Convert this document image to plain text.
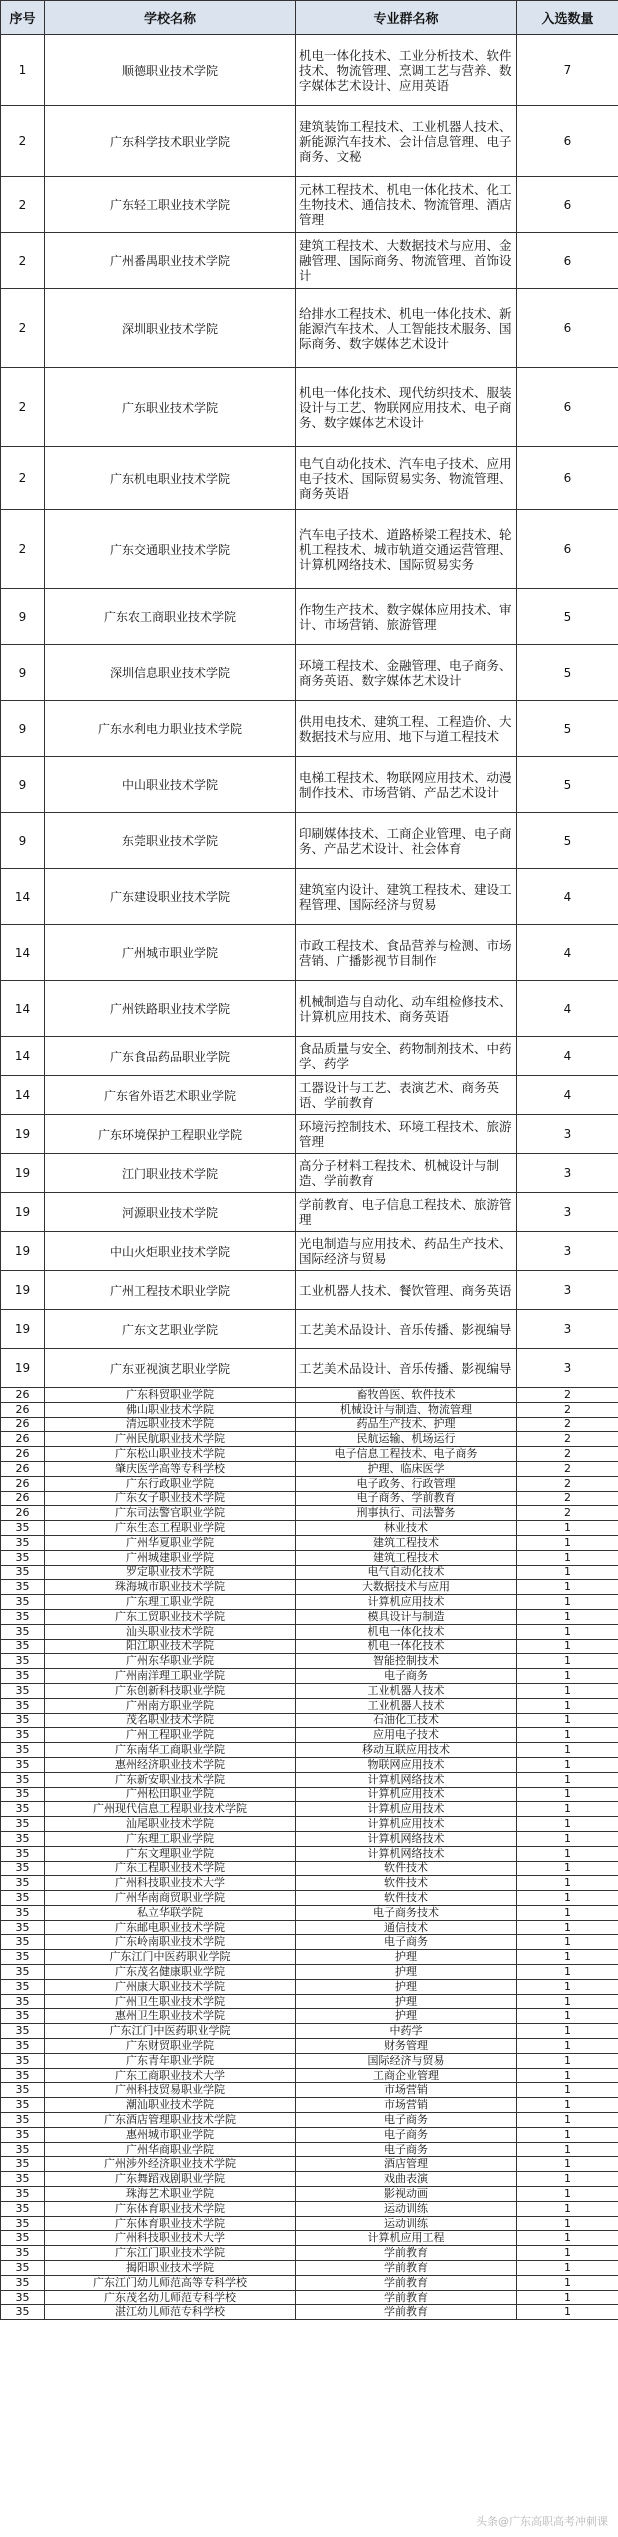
序号	学校名称	专业群名称	入选数量
1	顺德职业技术学院	机电一体化技术、工业分析技术、软件技术、物流管理、烹调工艺与营养、数字媒体艺术设计、应用英语	7
2	广东科学技术职业学院	建筑装饰工程技术、工业机器人技术、新能源汽车技术、会计信息管理、电子商务、文秘	6
2	广东轻工职业技术学院	元林工程技术、机电一体化技术、化工生物技术、通信技术、物流管理、酒店管理	6
2	广州番禺职业技术学院	建筑工程技术、大数据技术与应用、金融管理、国际商务、物流管理、首饰设计	6
2	深圳职业技术学院	给排水工程技术、机电一体化技术、新能源汽车技术、人工智能技术服务、国际商务、数字媒体艺术设计	6
2	广东职业技术学院	机电一体化技术、现代纺织技术、服装设计与工艺、物联网应用技术、电子商务、数字媒体艺术设计	6
2	广东机电职业技术学院	电气自动化技术、汽车电子技术、应用电子技术、国际贸易实务、物流管理、商务英语	6
2	广东交通职业技术学院	汽车电子技术、道路桥梁工程技术、轮机工程技术、城市轨道交通运营管理、计算机网络技术、国际贸易实务	6
9	广东农工商职业技术学院	作物生产技术、数字媒体应用技术、审计、市场营销、旅游管理	5
9	深圳信息职业技术学院	环境工程技术、金融管理、电子商务、商务英语、数字媒体艺术设计	5
9	广东水利电力职业技术学院	供用电技术、建筑工程、工程造价、大数据技术与应用、地下与道工程技术	5
9	中山职业技术学院	电梯工程技术、物联网应用技术、动漫制作技术、市场营销、产品艺术设计	5
9	东莞职业技术学院	印刷媒体技术、工商企业管理、电子商务、产品艺术设计、社会体育	5
14	广东建设职业技术学院	建筑室内设计、建筑工程技术、建设工程管理、国际经济与贸易	4
14	广州城市职业学院	市政工程技术、食品营养与检测、市场营销、广播影视节目制作	4
14	广州铁路职业技术学院	机械制造与自动化、动车组检修技术、计算机应用技术、商务英语	4
14	广东食品药品职业学院	食品质量与安全、药物制剂技术、中药学、药学	4
14	广东省外语艺术职业学院	工器设计与工艺、表演艺术、商务英语、学前教育	4
19	广东环境保护工程职业学院	环境污控制技术、环境工程技术、旅游管理	3
19	江门职业技术学院	高分子材料工程技术、机械设计与制造、学前教育	3
19	河源职业技术学院	学前教育、电子信息工程技术、旅游管理	3
19	中山火炬职业技术学院	光电制造与应用技术、药品生产技术、国际经济与贸易	3
19	广州工程技术职业学院	工业机器人技术、餐饮管理、商务英语	3
19	广东文艺职业学院	工艺美术品设计、音乐传播、影视编导	3
19	广东亚视演艺职业学院	工艺美术品设计、音乐传播、影视编导	3
26	广东科贸职业学院	畜牧兽医、软件技术	2
26	佛山职业技术学院	机械设计与制造、物流管理	2
26	清远职业技术学院	药品生产技术、护理	2
26	广州民航职业技术学院	民航运输、机场运行	2
26	广东松山职业技术学院	电子信息工程技术、电子商务	2
26	肇庆医学高等专科学校	护理、临床医学	2
26	广东行政职业学院	电子政务、行政管理	2
26	广东女子职业技术学院	电子商务、学前教育	2
26	广东司法警官职业学院	刑事执行、司法警务	2
35	广东生态工程职业学院	林业技术	1
35	广州华夏职业学院	建筑工程技术	1
35	广州城建职业学院	建筑工程技术	1
35	罗定职业技术学院	电气自动化技术	1
35	珠海城市职业技术学院	大数据技术与应用	1
35	广东理工职业学院	计算机应用技术	1
35	广东工贸职业技术学院	模具设计与制造	1
35	汕头职业技术学院	机电一体化技术	1
35	阳江职业技术学院	机电一体化技术	1
35	广州东华职业学院	智能控制技术	1
35	广州南洋理工职业学院	电子商务	1
35	广东创新科技职业学院	工业机器人技术	1
35	广州南方职业学院	工业机器人技术	1
35	茂名职业技术学院	石油化工技术	1
35	广州工程职业学院	应用电子技术	1
35	广东南华工商职业学院	移动互联应用技术	1
35	惠州经济职业技术学院	物联网应用技术	1
35	广东新安职业技术学院	计算机网络技术	1
35	广州松田职业学院	计算机应用技术	1
35	广州现代信息工程职业技术学院	计算机应用技术	1
35	汕尾职业技术学院	计算机应用技术	1
35	广东理工职业学院	计算机网络技术	1
35	广东文理职业学院	计算机网络技术	1
35	广东工程职业技术学院	软件技术	1
35	广州科技职业技术大学	软件技术	1
35	广州华南商贸职业学院	软件技术	1
35	私立华联学院	电子商务技术	1
35	广东邮电职业技术学院	通信技术	1
35	广东岭南职业技术学院	电子商务	1
35	广东江门中医药职业学院	护理	1
35	广东茂名健康职业学院	护理	1
35	广州康大职业技术学院	护理	1
35	广州卫生职业技术学院	护理	1
35	惠州卫生职业技术学院	护理	1
35	广东江门中医药职业学院	中药学	1
35	广东财贸职业学院	财务管理	1
35	广东青年职业学院	国际经济与贸易	1
35	广东工商职业技术大学	工商企业管理	1
35	广州科技贸易职业学院	市场营销	1
35	潮汕职业技术学院	市场营销	1
35	广东酒店管理职业技术学院	电子商务	1
35	惠州城市职业学院	电子商务	1
35	广州华商职业学院	电子商务	1
35	广州涉外经济职业技术学院	酒店管理	1
35	广东舞蹈戏剧职业学院	戏曲表演	1
35	珠海艺术职业学院	影视动画	1
35	广东体育职业技术学院	运动训练	1
35	广东体育职业技术学院	运动训练	1
35	广州科技职业技术大学	计算机应用工程	1
35	广东江门职业技术学院	学前教育	1
35	揭阳职业技术学院	学前教育	1
35	广东江门幼儿师范高等专科学校	学前教育	1
35	广东茂名幼儿师范专科学校	学前教育	1
35	湛江幼儿师范专科学校	学前教育	1
头条@广东高职高考冲刺课
